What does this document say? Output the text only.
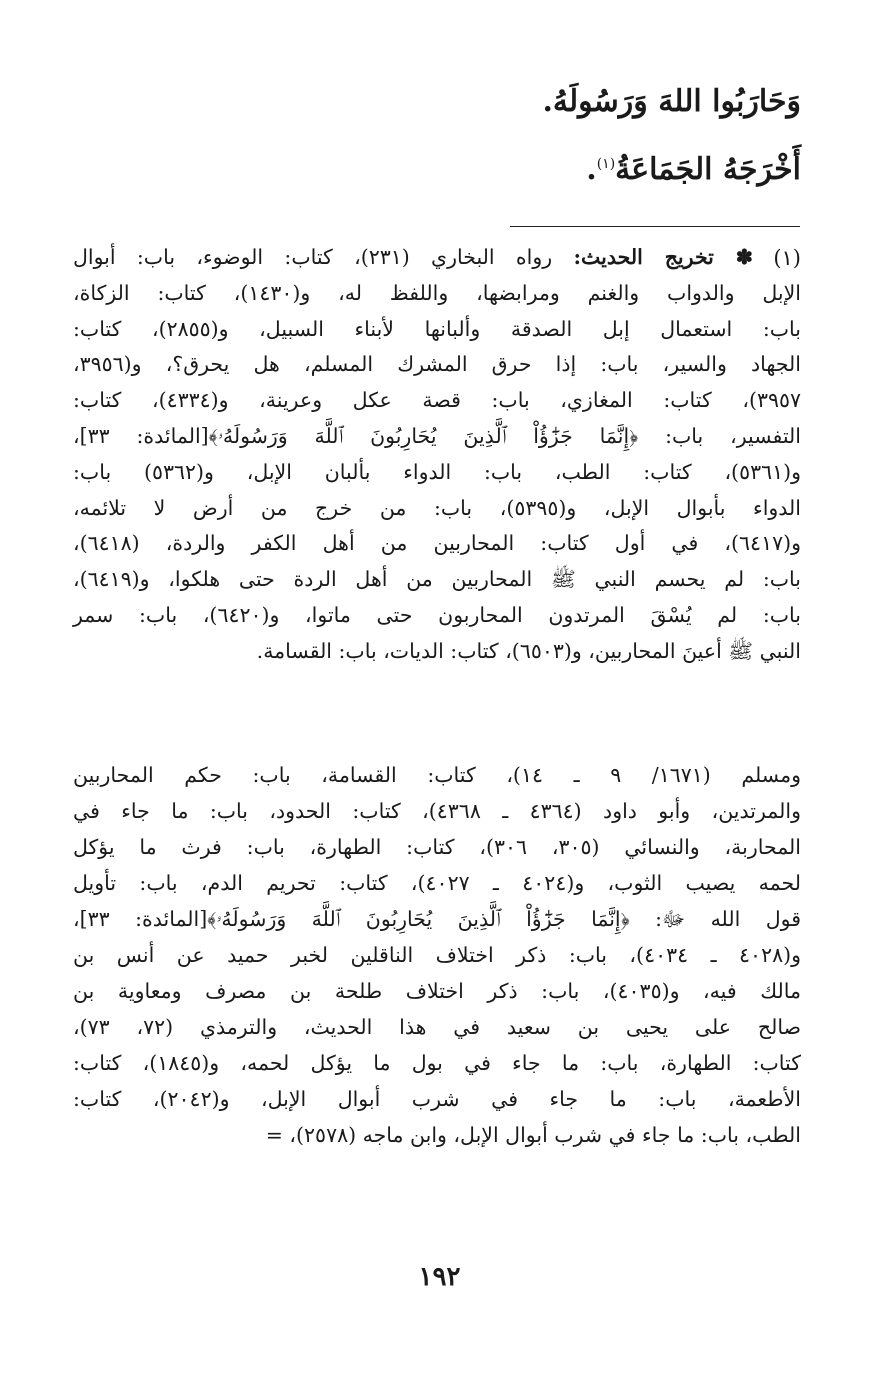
وَحَارَبُوا اللهَ وَرَسُولَهُ.
أَخْرَجَهُ الجَمَاعَةُ$^{(١)}$.
(١)
✽ تخريج الحديث: رواه البخاري (٢٣١)، كتاب: الوضوء، باب: أبوال
الإبل والدواب والغنم ومرابضها، واللفظ له، و(١٤٣٠)، كتاب: الزكاة،
باب: استعمال إبل الصدقة وألبانها لأبناء السبيل، و(٢٨٥٥)، كتاب:
الجهاد والسير، باب: إذا حرق المشرك المسلم، هل يحرق؟، و(٣٩٥٦،
٣٩٥٧)، كتاب: المغازي، باب: قصة عكل وعرينة، و(٤٣٣٤)، كتاب:
التفسير، باب: ﴿إِنَّمَا جَزَٰٓؤُاْ ٱلَّذِينَ يُحَارِبُونَ ٱللَّهَ وَرَسُولَهُۥ﴾[المائدة: ٣٣]،
و(٥٣٦١)، كتاب: الطب، باب: الدواء بألبان الإبل، و(٥٣٦٢) باب:
الدواء بأبوال الإبل، و(٥٣٩٥)، باب: من خرج من أرض لا تلائمه،
و(٦٤١٧)، في أول كتاب: المحاربين من أهل الكفر والردة، (٦٤١٨)،
باب: لم يحسم النبي ﷺ المحاربين من أهل الردة حتى هلكوا، و(٦٤١٩)،
باب: لم يُسْقَ المرتدون المحاربون حتى ماتوا، و(٦٤٢٠)، باب: سمر
النبي ﷺ أعينَ المحاربين، و(٦٥٠٣)، كتاب: الديات، باب: القسامة.
ومسلم (١٦٧١/ ٩ ـ ١٤)، كتاب: القسامة، باب: حكم المحاربين
والمرتدين، وأبو داود (٤٣٦٤ ـ ٤٣٦٨)، كتاب: الحدود، باب: ما جاء في
المحاربة، والنسائي (٣٠٥، ٣٠٦)، كتاب: الطهارة، باب: فرث ما يؤكل
لحمه يصيب الثوب، و(٤٠٢٤ ـ ٤٠٢٧)، كتاب: تحريم الدم، باب: تأويل
قول الله ﷻ: ﴿إِنَّمَا جَزَٰٓؤُاْ ٱلَّذِينَ يُحَارِبُونَ ٱللَّهَ وَرَسُولَهُۥ﴾[المائدة: ٣٣]،
و(٤٠٢٨ ـ ٤٠٣٤)، باب: ذكر اختلاف الناقلين لخبر حميد عن أنس بن
مالك فيه، و(٤٠٣٥)، باب: ذكر اختلاف طلحة بن مصرف ومعاوية بن
صالح على يحيى بن سعيد في هذا الحديث، والترمذي (٧٢، ٧٣)،
كتاب: الطهارة، باب: ما جاء في بول ما يؤكل لحمه، و(١٨٤٥)، كتاب:
الأطعمة، باب: ما جاء في شرب أبوال الإبل، و(٢٠٤٢)، كتاب:
الطب، باب: ما جاء في شرب أبوال الإبل، وابن ماجه (٢٥٧٨)، =
١٩٢
